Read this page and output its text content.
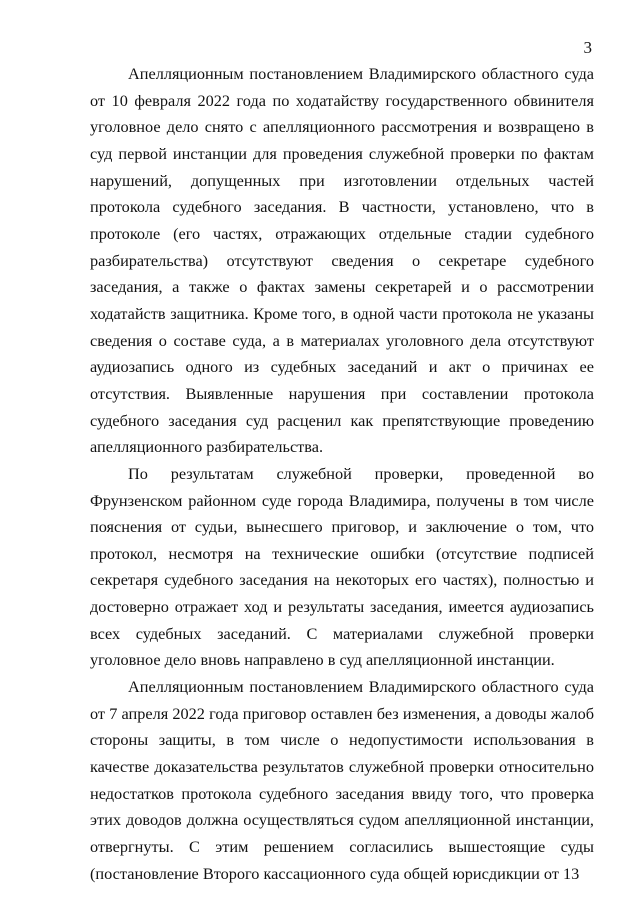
3

Апелляционным постановлением Владимирского областного суда от 10 февраля 2022 года по ходатайству государственного обвинителя уголовное дело снято с апелляционного рассмотрения и возвращено в суд первой инстанции для проведения служебной проверки по фактам нарушений, допущенных при изготовлении отдельных частей протокола судебного заседания. В частности, установлено, что в протоколе (его частях, отражающих отдельные стадии судебного разбирательства) отсутствуют сведения о секретаре судебного заседания, а также о фактах замены секретарей и о рассмотрении ходатайств защитника. Кроме того, в одной части протокола не указаны сведения о составе суда, а в материалах уголовного дела отсутствуют аудиозапись одного из судебных заседаний и акт о причинах ее отсутствия. Выявленные нарушения при составлении протокола судебного заседания суд расценил как препятствующие проведению апелляционного разбирательства.

По результатам служебной проверки, проведенной во Фрунзенском районном суде города Владимира, получены в том числе пояснения от судьи, вынесшего приговор, и заключение о том, что протокол, несмотря на технические ошибки (отсутствие подписей секретаря судебного заседания на некоторых его частях), полностью и достоверно отражает ход и результаты заседания, имеется аудиозапись всех судебных заседаний. С материалами служебной проверки уголовное дело вновь направлено в суд апелляционной инстанции.

Апелляционным постановлением Владимирского областного суда от 7 апреля 2022 года приговор оставлен без изменения, а доводы жалоб стороны защиты, в том числе о недопустимости использования в качестве доказательства результатов служебной проверки относительно недостатков протокола судебного заседания ввиду того, что проверка этих доводов должна осуществляться судом апелляционной инстанции, отвергнуты. С этим решением согласились вышестоящие суды (постановление Второго кассационного суда общей юрисдикции от 13
